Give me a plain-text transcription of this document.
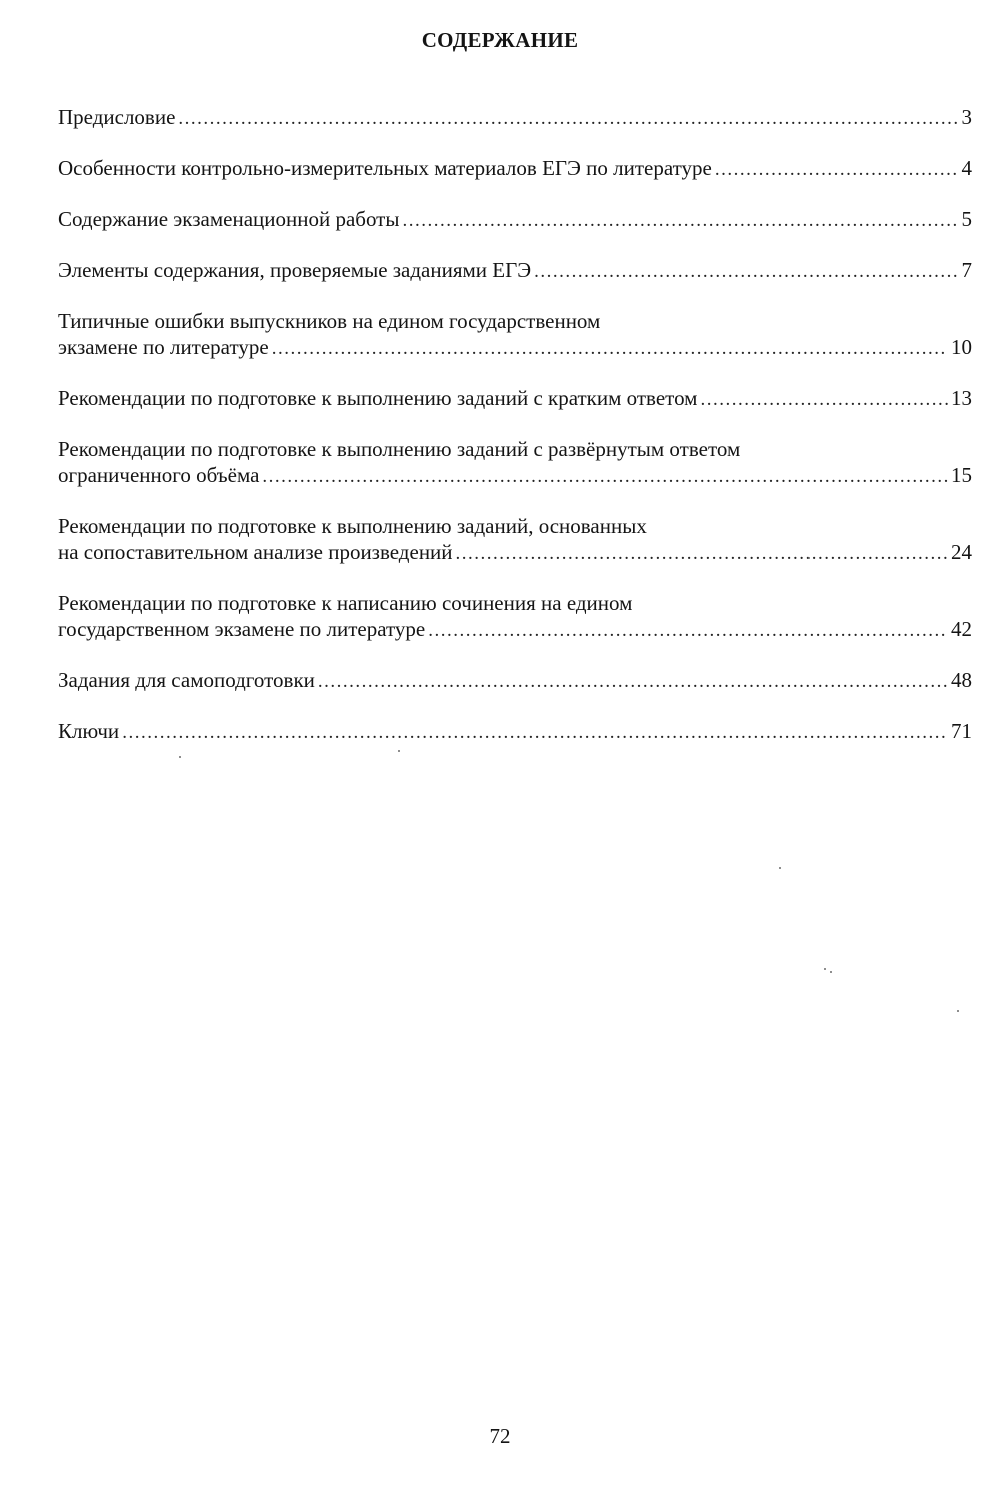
СОДЕРЖАНИЕ
Предисловие .....	3
Особенности контрольно-измерительных материалов ЕГЭ по литературе .....	4
Содержание экзаменационной работы .....	5
Элементы содержания, проверяемые заданиями ЕГЭ .....	7
Типичные ошибки выпускников на едином государственном
экзамене по литературе .....	10
Рекомендации по подготовке к выполнению заданий с кратким ответом .....	13
Рекомендации по подготовке к выполнению заданий с развёрнутым ответом
ограниченного объёма .....	15
Рекомендации по подготовке к выполнению заданий, основанных
на сопоставительном анализе произведений .....	24
Рекомендации по подготовке к написанию сочинения на едином
государственном экзамене по литературе .....	42
Задания для самоподготовки .....	48
Ключи .....	71
72
